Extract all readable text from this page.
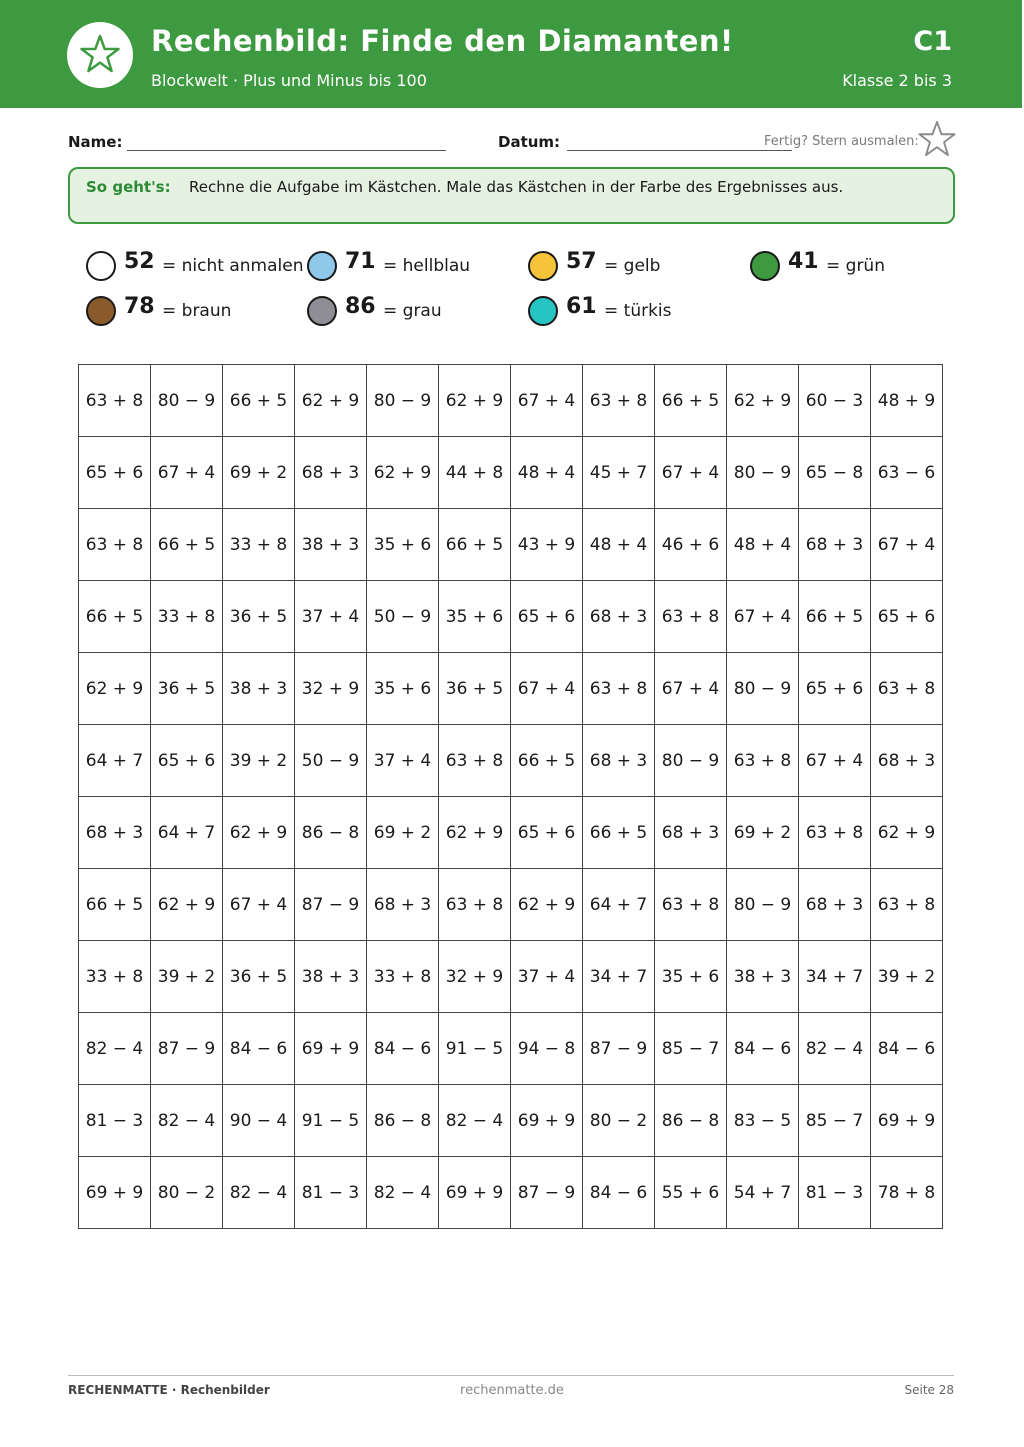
Rechenbild: Finde den Diamanten!
Blockwelt · Plus und Minus bis 100
C1
Klasse 2 bis 3
Name:	Datum:	Fertig? Stern ausmalen:
So geht's: Rechne die Aufgabe im Kästchen. Male das Kästchen in der Farbe des Ergebnisses aus.
52 = nicht anmalen 71 = hellblau	57 = gelb	41 = grün
78 = braun	86 = grau	61 = türkis
63 + 8	80 − 9	66 + 5	62 + 9	80 − 9	62 + 9	67 + 4	63 + 8	66 + 5	62 + 9	60 − 3	48 + 9
65 + 6	67 + 4	69 + 2	68 + 3	62 + 9	44 + 8	48 + 4	45 + 7	67 + 4	80 − 9	65 − 8	63 − 6
63 + 8	66 + 5	33 + 8	38 + 3	35 + 6	66 + 5	43 + 9	48 + 4	46 + 6	48 + 4	68 + 3	67 + 4
66 + 5	33 + 8	36 + 5	37 + 4	50 − 9	35 + 6	65 + 6	68 + 3	63 + 8	67 + 4	66 + 5	65 + 6
62 + 9	36 + 5	38 + 3	32 + 9	35 + 6	36 + 5	67 + 4	63 + 8	67 + 4	80 − 9	65 + 6	63 + 8
64 + 7	65 + 6	39 + 2	50 − 9	37 + 4	63 + 8	66 + 5	68 + 3	80 − 9	63 + 8	67 + 4	68 + 3
68 + 3	64 + 7	62 + 9	86 − 8	69 + 2	62 + 9	65 + 6	66 + 5	68 + 3	69 + 2	63 + 8	62 + 9
66 + 5	62 + 9	67 + 4	87 − 9	68 + 3	63 + 8	62 + 9	64 + 7	63 + 8	80 − 9	68 + 3	63 + 8
33 + 8	39 + 2	36 + 5	38 + 3	33 + 8	32 + 9	37 + 4	34 + 7	35 + 6	38 + 3	34 + 7	39 + 2
82 − 4	87 − 9	84 − 6	69 + 9	84 − 6	91 − 5	94 − 8	87 − 9	85 − 7	84 − 6	82 − 4	84 − 6
81 − 3	82 − 4	90 − 4	91 − 5	86 − 8	82 − 4	69 + 9	80 − 2	86 − 8	83 − 5	85 − 7	69 + 9
69 + 9	80 − 2	82 − 4	81 − 3	82 − 4	69 + 9	87 − 9	84 − 6	55 + 6	54 + 7	81 − 3	78 + 8
RECHENMATTE · Rechenbilder	rechenmatte.de	Seite 28
